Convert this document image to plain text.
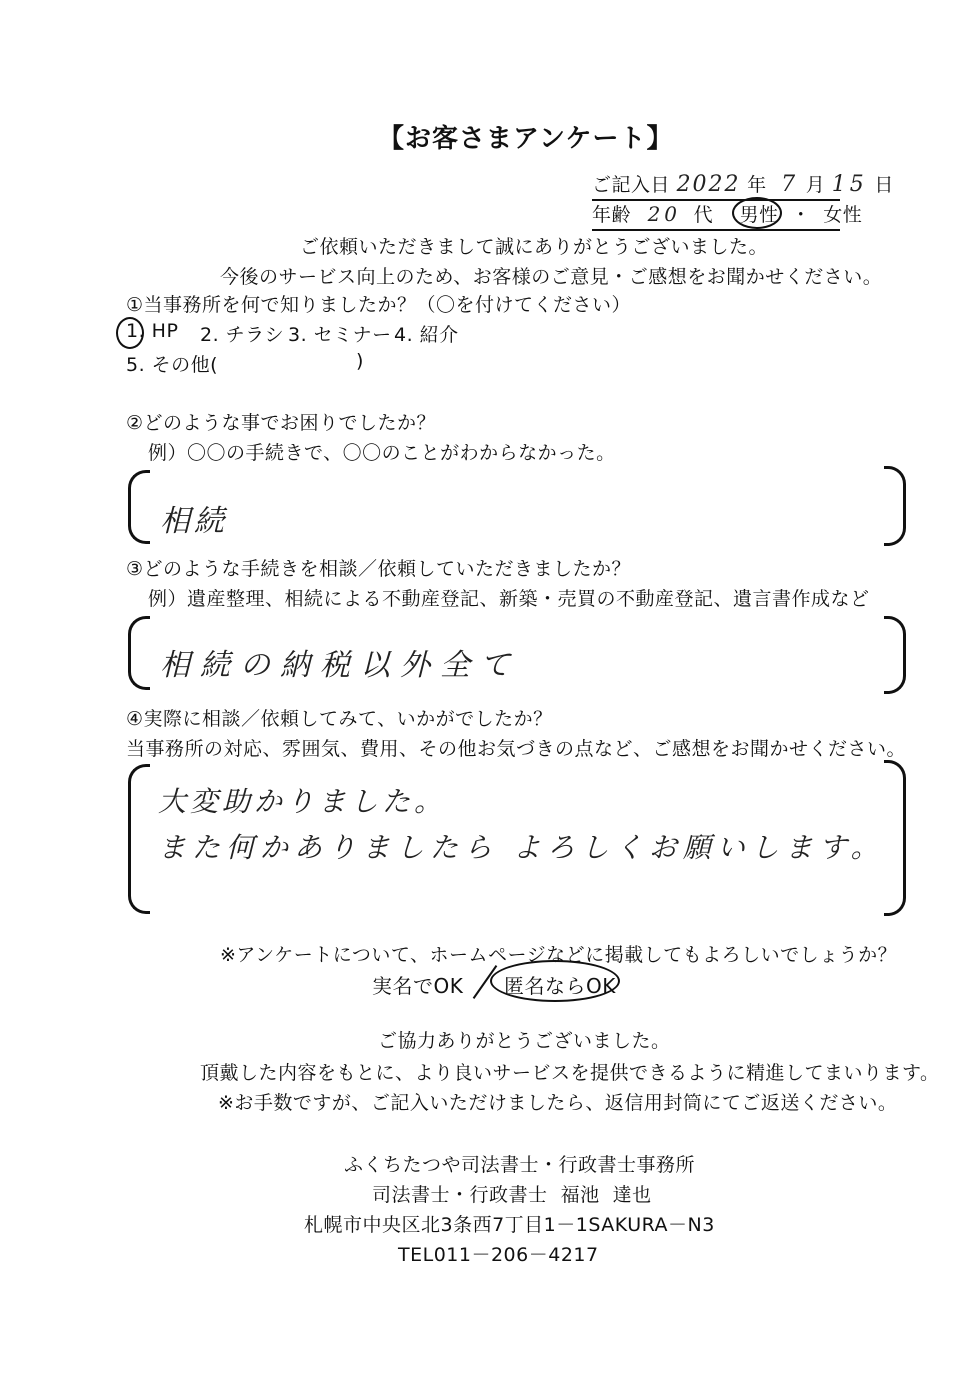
【お客さまアンケート】
ご記入日 2022 年 7 月 15 日
年齢 20 代 男性 ・ 女性
ご依頼いただきまして誠にありがとうございました。
今後のサービス向上のため、お客様のご意見・ご感想をお聞かせください。
①当事務所を何で知りましたか？（〇を付けてください）
1. HP 2. チラシ 3. セミナー 4. 紹介
5. その他(	)
②どのような事でお困りでしたか？
例）〇〇の手続きで、〇〇のことがわからなかった。
相続
③どのような手続きを相談／依頼していただきましたか？
例）遺産整理、相続による不動産登記、新築・売買の不動産登記、遺言書作成など
相続の納税以外全て
④実際に相談／依頼してみて、いかがでしたか？
当事務所の対応、雰囲気、費用、その他お気づきの点など、ご感想をお聞かせください。
大変助かりました。
また何かありましたら よろしくお願いします。
※アンケートについて、ホームページなどに掲載してもよろしいでしょうか？
実名でOK 匿名ならOK
ご協力ありがとうございました。
頂戴した内容をもとに、より良いサービスを提供できるように精進してまいります。
※お手数ですが、ご記入いただけましたら、返信用封筒にてご返送ください。
ふくちたつや司法書士・行政書士事務所
司法書士・行政書士  福池  達也
札幌市中央区北3条西7丁目1－1SAKURA－N3
TEL011－206－4217
